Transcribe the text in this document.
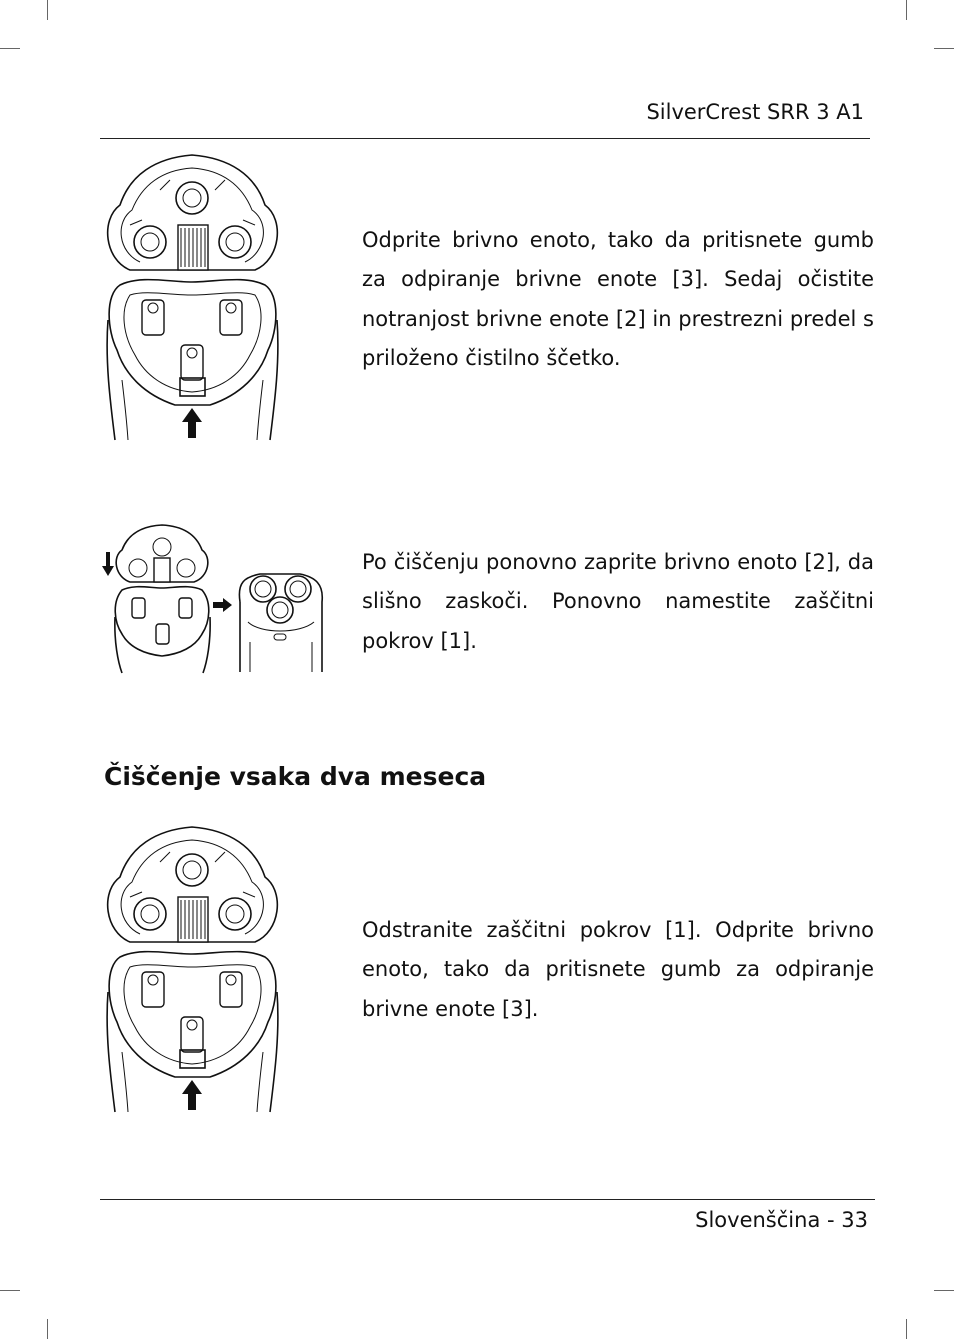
SilverCrest SRR 3 A1

Odprite brivno enoto, tako da pritisnete gumb za odpiranje brivne enote [3]. Sedaj očistite notranjost brivne enote [2] in prestrezni predel s priloženo čistilno ščetko.

Po čiščenju ponovno zaprite brivno enoto [2], da slišno zaskoči. Ponovno namestite zaščitni pokrov [1].

Čiščenje vsaka dva meseca

Odstranite zaščitni pokrov [1]. Odprite brivno enoto, tako da pritisnete gumb za odpiranje brivne enote [3].

Slovenščina - 33
